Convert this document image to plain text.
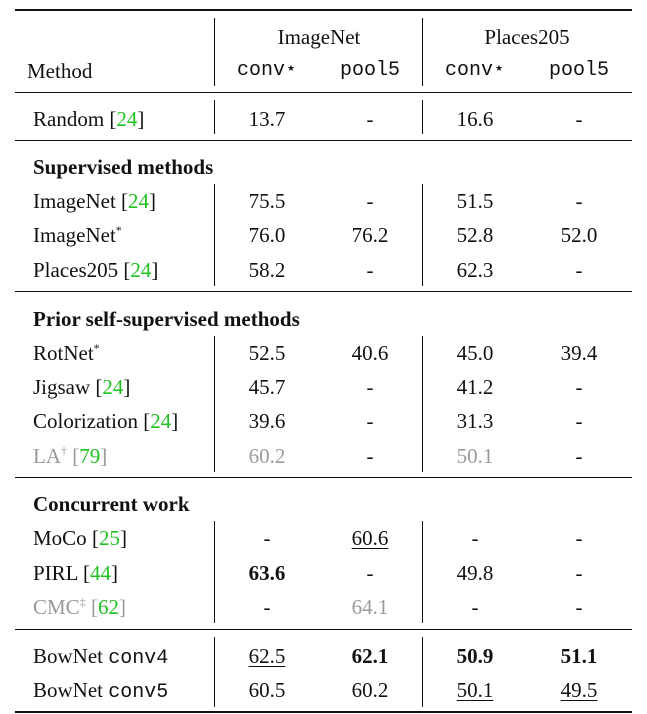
ImageNet	Places205
Method	conv⋆	pool5	conv⋆	pool5
Random [24]	13.7	-	16.6	-
Supervised methods
ImageNet [24]	75.5	-	51.5	-
ImageNet*	76.0	76.2	52.8	52.0
Places205 [24]	58.2	-	62.3	-
Prior self-supervised methods
RotNet*	52.5	40.6	45.0	39.4
Jigsaw [24]	45.7	-	41.2	-
Colorization [24]	39.6	-	31.3	-
LA† [79]	60.2	-	50.1	-
Concurrent work
MoCo [25]	-	60.6	-	-
PIRL [44]	63.6	-	49.8	-
CMC‡ [62]	-	64.1	-	-
BowNet conv4	62.5	62.1	50.9	51.1
BowNet conv5	60.5	60.2	50.1	49.5
